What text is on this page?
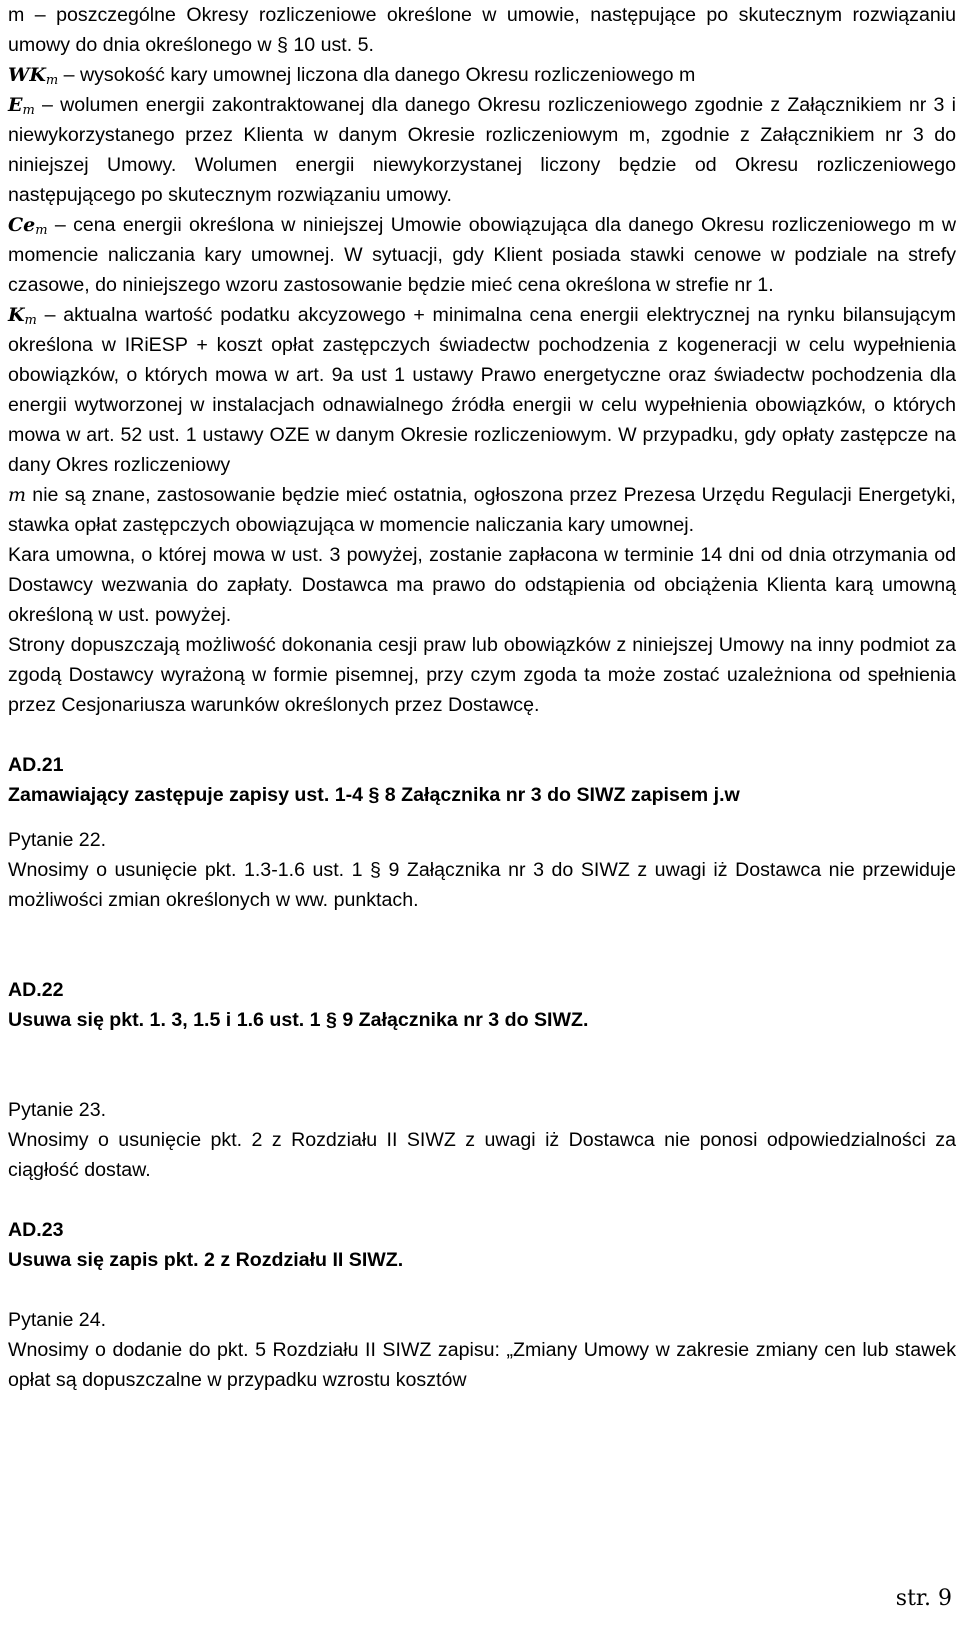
m – poszczególne Okresy rozliczeniowe określone w umowie, następujące po skutecznym rozwiązaniu umowy do dnia określonego w § 10 ust. 5.

$WK_m$ – wysokość kary umownej liczona dla danego Okresu rozliczeniowego m

$E_m$ – wolumen energii zakontraktowanej dla danego Okresu rozliczeniowego zgodnie z Załącznikiem nr 3 i niewykorzystanego przez Klienta w danym Okresie rozliczeniowym m, zgodnie z Załącznikiem nr 3 do niniejszej Umowy. Wolumen energii niewykorzystanej liczony będzie od Okresu rozliczeniowego następującego po skutecznym rozwiązaniu umowy.

$Ce_m$ – cena energii określona w niniejszej Umowie obowiązująca dla danego Okresu rozliczeniowego m w momencie naliczania kary umownej. W sytuacji, gdy Klient posiada stawki cenowe w podziale na strefy czasowe, do niniejszego wzoru zastosowanie będzie mieć cena określona w strefie nr 1.

$K_m$ – aktualna wartość podatku akcyzowego + minimalna cena energii elektrycznej na rynku bilansującym określona w IRiESP + koszt opłat zastępczych świadectw pochodzenia z kogeneracji w celu wypełnienia obowiązków, o których mowa w art. 9a ust 1 ustawy Prawo energetyczne oraz świadectw pochodzenia dla energii wytworzonej w instalacjach odnawialnego źródła energii w celu wypełnienia obowiązków, o których mowa w art. 52 ust. 1 ustawy OZE w danym Okresie rozliczeniowym. W przypadku, gdy opłaty zastępcze na dany Okres rozliczeniowy

m nie są znane, zastosowanie będzie mieć ostatnia, ogłoszona przez Prezesa Urzędu Regulacji Energetyki, stawka opłat zastępczych obowiązująca w momencie naliczania kary umownej.

Kara umowna, o której mowa w ust. 3 powyżej, zostanie zapłacona w terminie 14 dni od dnia otrzymania od Dostawcy wezwania do zapłaty. Dostawca ma prawo do odstąpienia od obciążenia Klienta karą umowną określoną w ust. powyżej.

Strony dopuszczają możliwość dokonania cesji praw lub obowiązków z niniejszej Umowy na inny podmiot za zgodą Dostawcy wyrażoną w formie pisemnej, przy czym zgoda ta może zostać uzależniona od spełnienia przez Cesjonariusza warunków określonych przez Dostawcę.

AD.21

Zamawiający zastępuje zapisy ust. 1-4 § 8 Załącznika nr 3 do SIWZ zapisem j.w

Pytanie 22.

Wnosimy o usunięcie pkt. 1.3-1.6 ust. 1 § 9 Załącznika nr 3 do SIWZ z uwagi iż Dostawca nie przewiduje możliwości zmian określonych w ww. punktach.

AD.22

Usuwa się pkt. 1. 3, 1.5 i 1.6 ust. 1 § 9 Załącznika nr 3 do SIWZ.

Pytanie 23.

Wnosimy o usunięcie pkt. 2 z Rozdziału II SIWZ z uwagi iż Dostawca nie ponosi odpowiedzialności za ciągłość dostaw.

AD.23

Usuwa się zapis pkt. 2 z Rozdziału II SIWZ.

Pytanie 24.

Wnosimy o dodanie do pkt. 5 Rozdziału II SIWZ zapisu: „Zmiany Umowy w zakresie zmiany cen lub stawek opłat są dopuszczalne w przypadku wzrostu kosztów

str. 9
